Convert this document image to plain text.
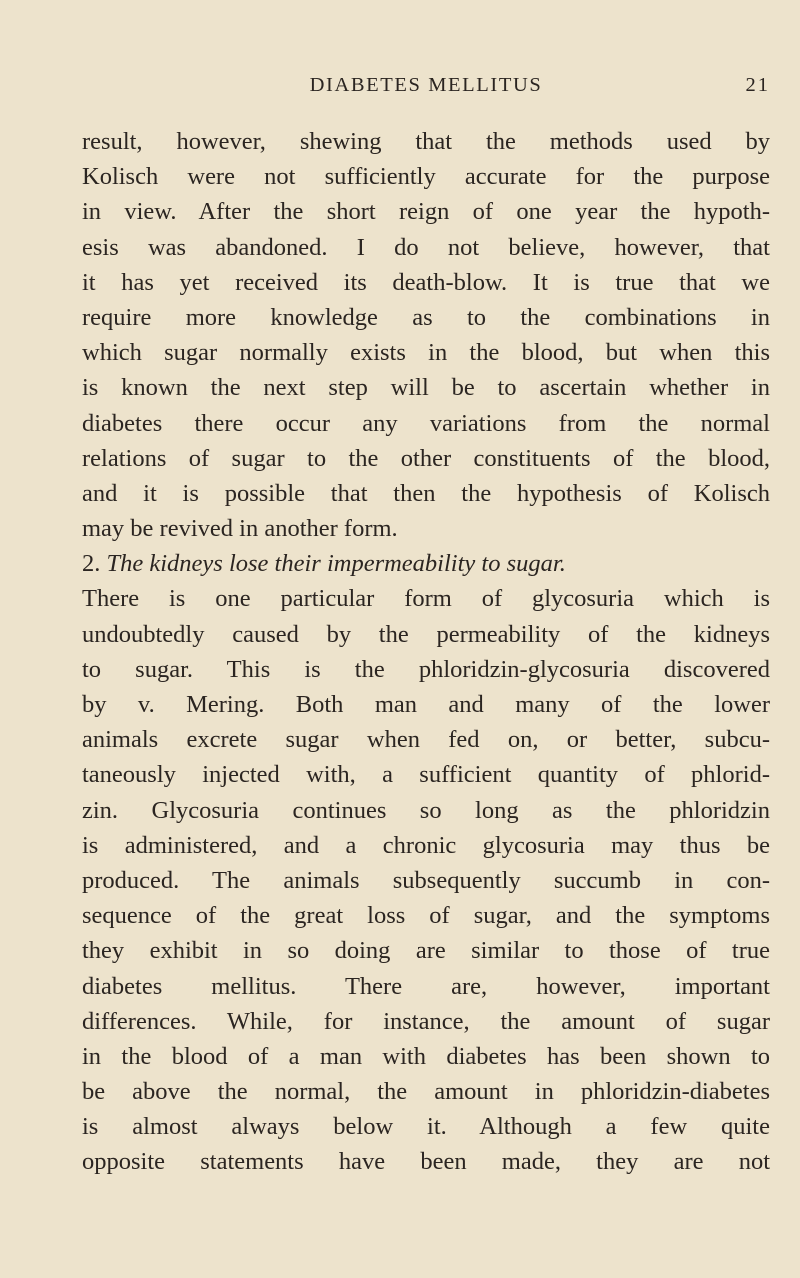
DIABETES MELLITUS	21
result, however, shewing that the methods used by
Kolisch were not sufficiently accurate for the purpose
in view. After the short reign of one year the hypoth-
esis was abandoned. I do not believe, however, that
it has yet received its death-blow. It is true that we
require more knowledge as to the combinations in
which sugar normally exists in the blood, but when this
is known the next step will be to ascertain whether in
diabetes there occur any variations from the normal
relations of sugar to the other constituents of the blood,
and it is possible that then the hypothesis of Kolisch
may be revived in another form.
2. The kidneys lose their impermeability to sugar.
There is one particular form of glycosuria which is
undoubtedly caused by the permeability of the kidneys
to sugar. This is the phloridzin-glycosuria discovered
by v. Mering. Both man and many of the lower
animals excrete sugar when fed on, or better, subcu-
taneously injected with, a sufficient quantity of phlorid-
zin. Glycosuria continues so long as the phloridzin
is administered, and a chronic glycosuria may thus be
produced. The animals subsequently succumb in con-
sequence of the great loss of sugar, and the symptoms
they exhibit in so doing are similar to those of true
diabetes mellitus. There are, however, important
differences. While, for instance, the amount of sugar
in the blood of a man with diabetes has been shown to
be above the normal, the amount in phloridzin-diabetes
is almost always below it. Although a few quite
opposite statements have been made, they are not
